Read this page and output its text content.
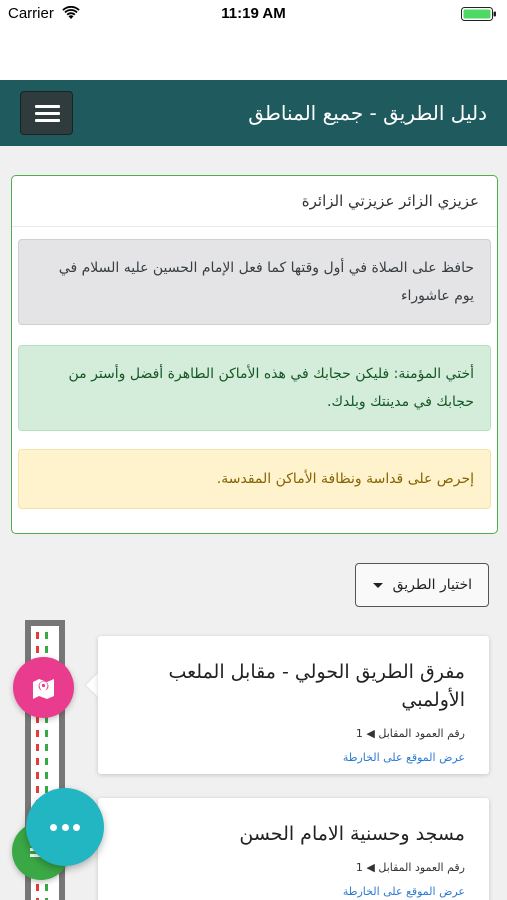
Carrier	11:19 AM
دليل الطريق - جميع المناطق
عزيزي الزائر عزيزتي الزائرة
حافظ على الصلاة في أول وقتها كما فعل الإمام الحسين عليه السلام في يوم عاشوراء
أختي المؤمنة: فليكن حجابك في هذه الأماكن الطاهرة أفضل وأستر من حجابك في مدينتك وبلدك.
إحرص على قداسة ونظافة الأماكن المقدسة.
اختيار الطريق
مفرق الطريق الحولي - مقابل الملعب الأولمبي
رقم العمود المقابل ◀ 1
عرض الموقع على الخارطة
مسجد وحسنية الامام الحسن
رقم العمود المقابل ◀ 1
عرض الموقع على الخارطة
